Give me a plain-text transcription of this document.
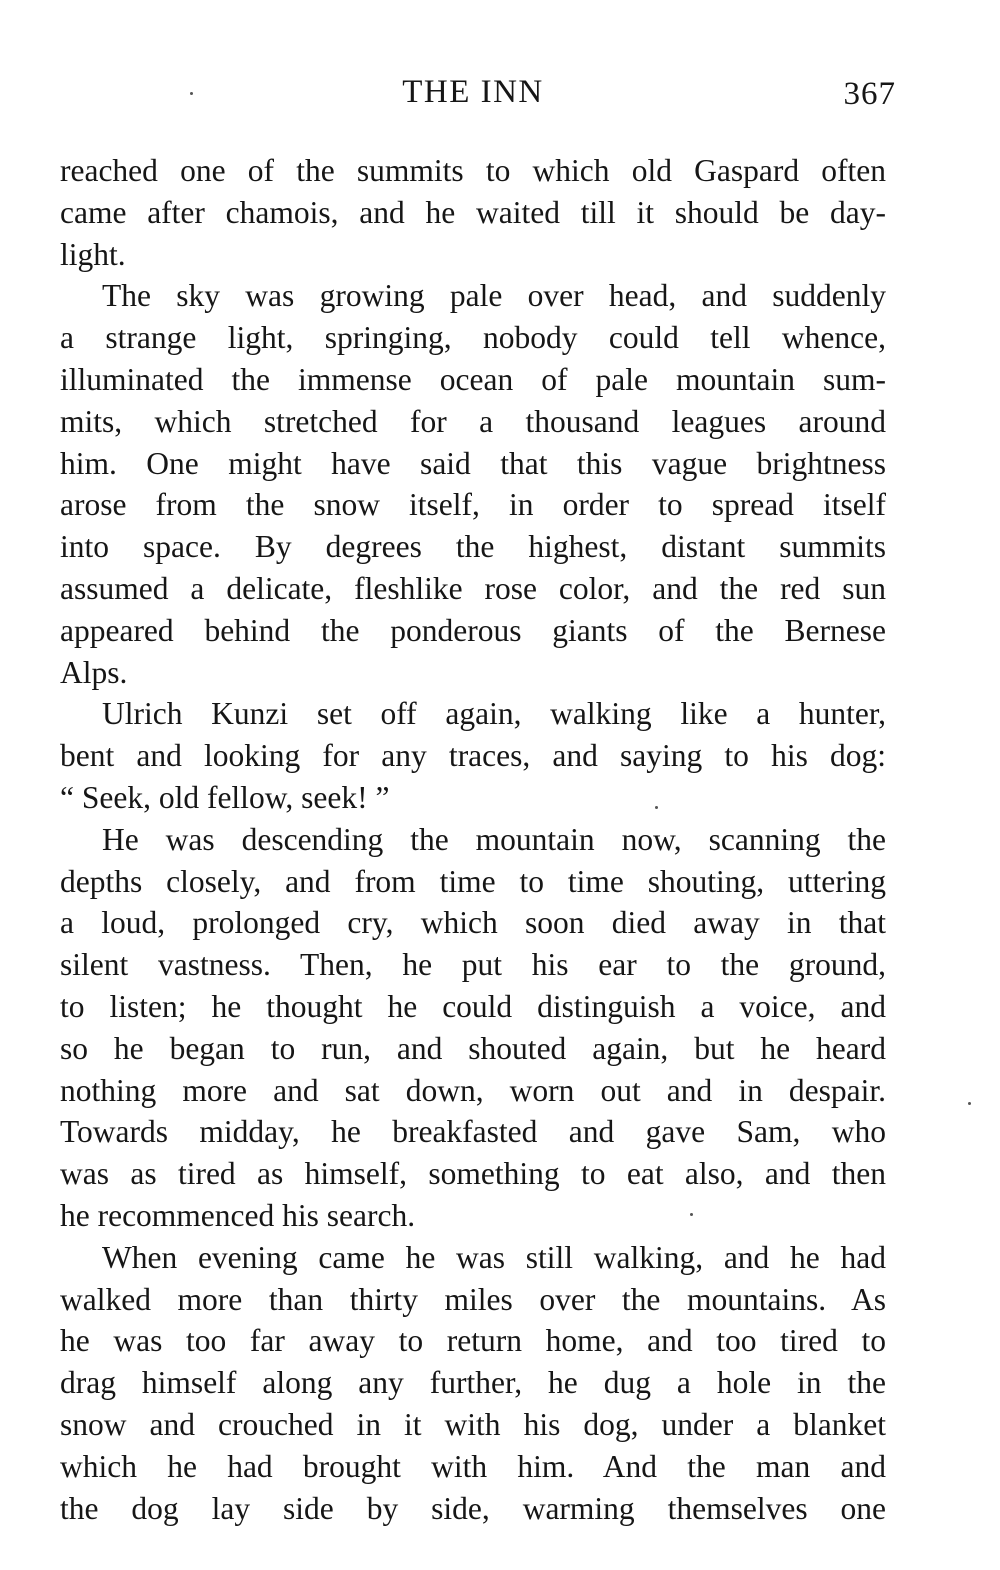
THE INN	367
reached one of the summits to which old Gaspard often
came after chamois, and he waited till it should be day-
light.
The sky was growing pale over head, and suddenly
a strange light, springing, nobody could tell whence,
illuminated the immense ocean of pale mountain sum-
mits, which stretched for a thousand leagues around
him. One might have said that this vague brightness
arose from the snow itself, in order to spread itself
into space. By degrees the highest, distant summits
assumed a delicate, fleshlike rose color, and the red sun
appeared behind the ponderous giants of the Bernese
Alps.
Ulrich Kunzi set off again, walking like a hunter,
bent and looking for any traces, and saying to his dog:
“ Seek, old fellow, seek! ”
He was descending the mountain now, scanning the
depths closely, and from time to time shouting, uttering
a loud, prolonged cry, which soon died away in that
silent vastness. Then, he put his ear to the ground,
to listen; he thought he could distinguish a voice, and
so he began to run, and shouted again, but he heard
nothing more and sat down, worn out and in despair.
Towards midday, he breakfasted and gave Sam, who
was as tired as himself, something to eat also, and then
he recommenced his search.
When evening came he was still walking, and he had
walked more than thirty miles over the mountains. As
he was too far away to return home, and too tired to
drag himself along any further, he dug a hole in the
snow and crouched in it with his dog, under a blanket
which he had brought with him. And the man and
the dog lay side by side, warming themselves one
